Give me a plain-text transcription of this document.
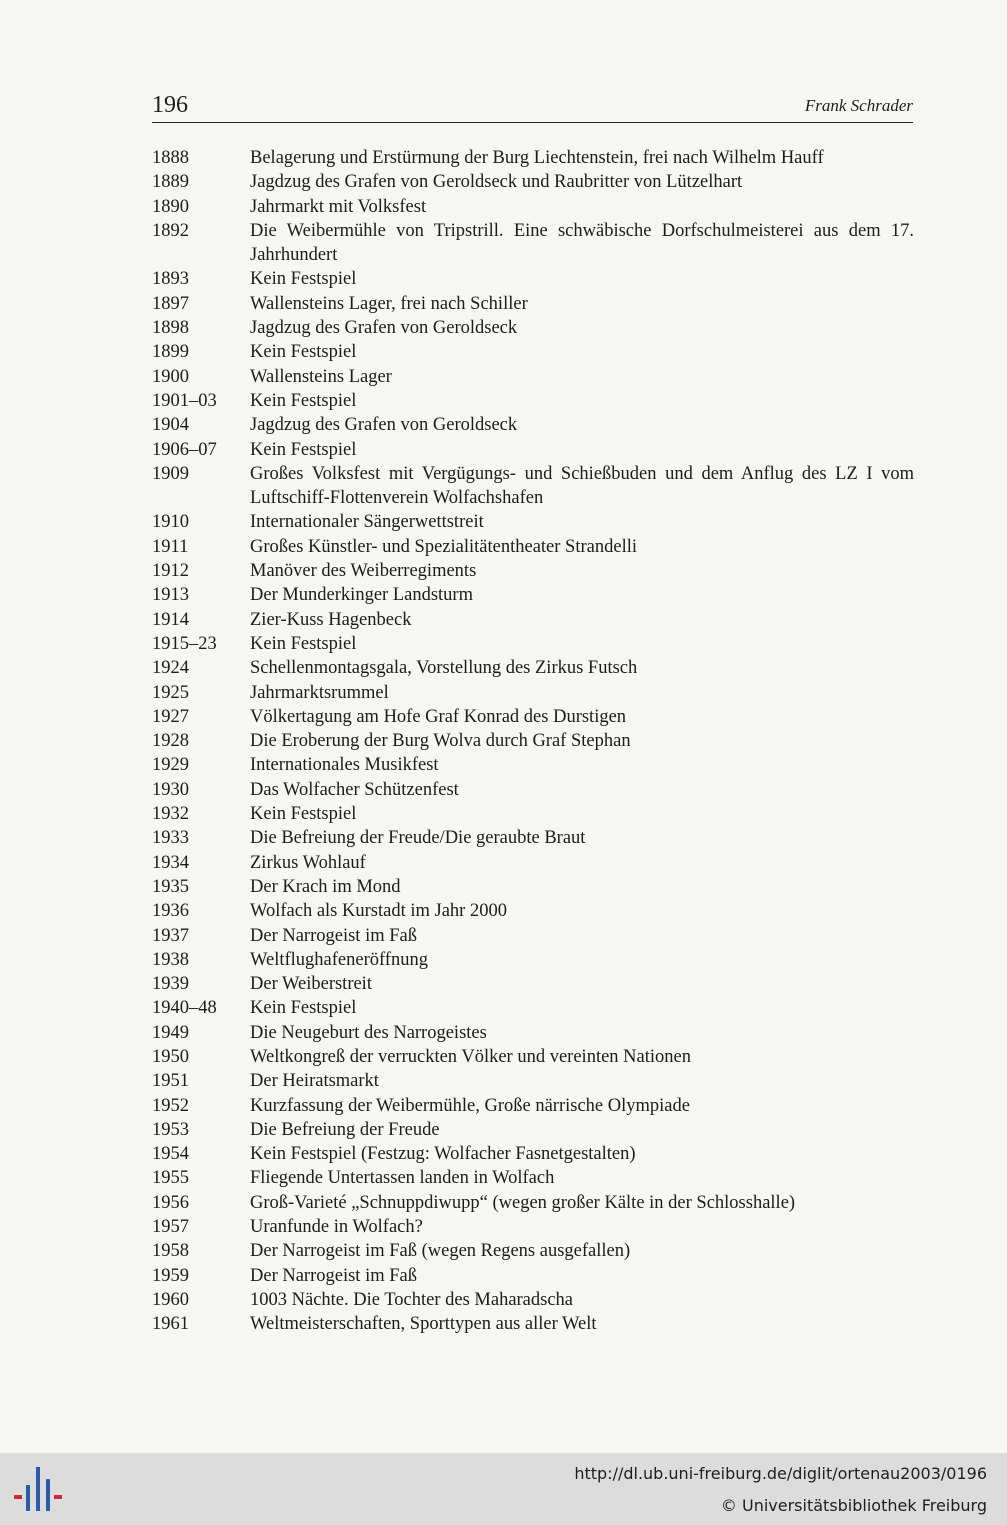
196	Frank Schrader
1888	Belagerung und Erstürmung der Burg Liechtenstein, frei nach Wilhelm Hauff
1889	Jagdzug des Grafen von Geroldseck und Raubritter von Lützelhart
1890	Jahrmarkt mit Volksfest
1892	Die Weibermühle von Tripstrill. Eine schwäbische Dorfschulmeisterei aus dem 17. Jahrhundert
1893	Kein Festspiel
1897	Wallensteins Lager, frei nach Schiller
1898	Jagdzug des Grafen von Geroldseck
1899	Kein Festspiel
1900	Wallensteins Lager
1901–03	Kein Festspiel
1904	Jagdzug des Grafen von Geroldseck
1906–07	Kein Festspiel
1909	Großes Volksfest mit Vergügungs- und Schießbuden und dem Anflug des LZ I vom Luftschiff-Flottenverein Wolfachshafen
1910	Internationaler Sängerwettstreit
1911	Großes Künstler- und Spezialitätentheater Strandelli
1912	Manöver des Weiberregiments
1913	Der Munderkinger Landsturm
1914	Zier-Kuss Hagenbeck
1915–23	Kein Festspiel
1924	Schellenmontagsgala, Vorstellung des Zirkus Futsch
1925	Jahrmarktsrummel
1927	Völkertagung am Hofe Graf Konrad des Durstigen
1928	Die Eroberung der Burg Wolva durch Graf Stephan
1929	Internationales Musikfest
1930	Das Wolfacher Schützenfest
1932	Kein Festspiel
1933	Die Befreiung der Freude/Die geraubte Braut
1934	Zirkus Wohlauf
1935	Der Krach im Mond
1936	Wolfach als Kurstadt im Jahr 2000
1937	Der Narrogeist im Faß
1938	Weltflughafeneröffnung
1939	Der Weiberstreit
1940–48	Kein Festspiel
1949	Die Neugeburt des Narrogeistes
1950	Weltkongreß der verruckten Völker und vereinten Nationen
1951	Der Heiratsmarkt
1952	Kurzfassung der Weibermühle, Große närrische Olympiade
1953	Die Befreiung der Freude
1954	Kein Festspiel (Festzug: Wolfacher Fasnetgestalten)
1955	Fliegende Untertassen landen in Wolfach
1956	Groß-Varieté „Schnuppdiwupp“ (wegen großer Kälte in der Schlosshalle)
1957	Uranfunde in Wolfach?
1958	Der Narrogeist im Faß (wegen Regens ausgefallen)
1959	Der Narrogeist im Faß
1960	1003 Nächte. Die Tochter des Maharadscha
1961	Weltmeisterschaften, Sporttypen aus aller Welt
http://dl.ub.uni-freiburg.de/diglit/ortenau2003/0196
© Universitätsbibliothek Freiburg
